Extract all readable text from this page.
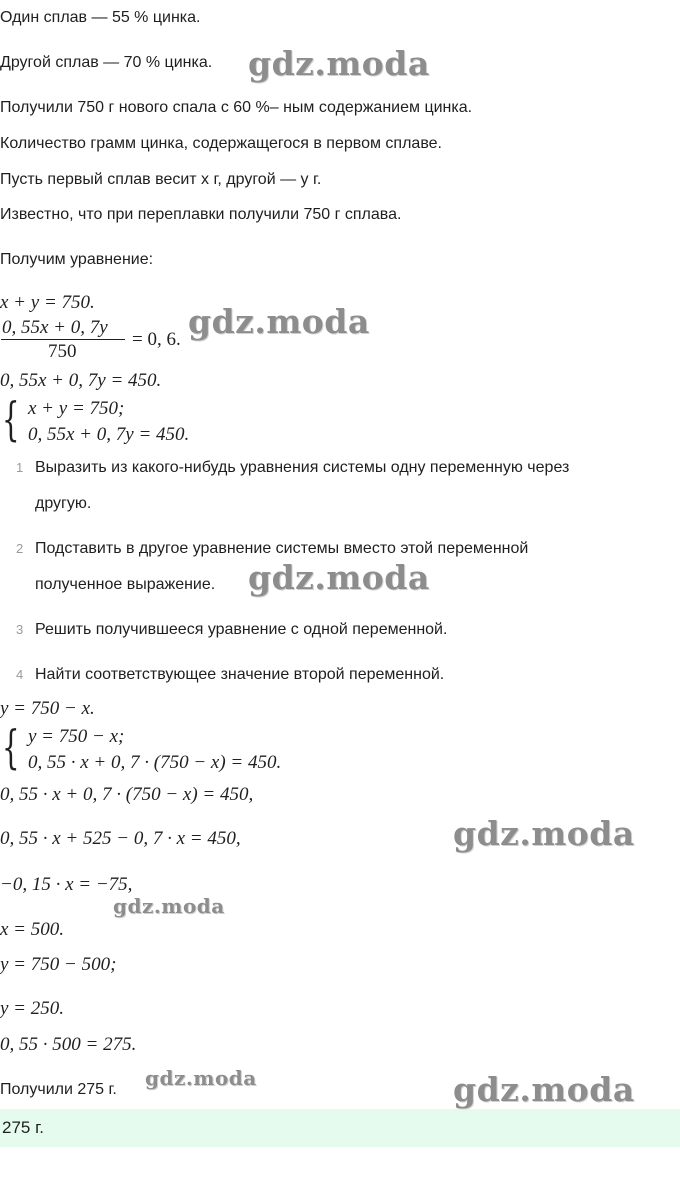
Один сплав — 55 % цинка.
Другой сплав — 70 % цинка.
Получили 750 г нового спала с 60 %– ным содержанием цинка.
Количество грамм цинка, содержащегося в первом сплаве.
Пусть первый сплав весит x г, другой — y г.
Известно, что при переплавки получили 750 г сплава.
Получим уравнение:
x + y = 750.
0, 55x + 0, 7y
750
= 0, 6.
0, 55x + 0, 7y = 450.
{ x + y = 750;
0, 55x + 0, 7y = 450.
1 Выразить из какого-нибудь уравнения системы одну переменную через
другую.
2 Подставить в другое уравнение системы вместо этой переменной
полученное выражение.
3 Решить получившееся уравнение с одной переменной.
4 Найти соответствующее значение второй переменной.
y = 750 − x.
{ y = 750 − x;
0, 55 · x + 0, 7 · (750 − x) = 450.
0, 55 · x + 0, 7 · (750 − x) = 450,
0, 55 · x + 525 − 0, 7 · x = 450,
−0, 15 · x = −75,
x = 500.
y = 750 − 500;
y = 250.
0, 55 · 500 = 275.
Получили 275 г.
275 г.
gdz.moda
gdz.moda
gdz.moda
gdz.moda
gdz.moda
gdz.moda	gdz.moda
